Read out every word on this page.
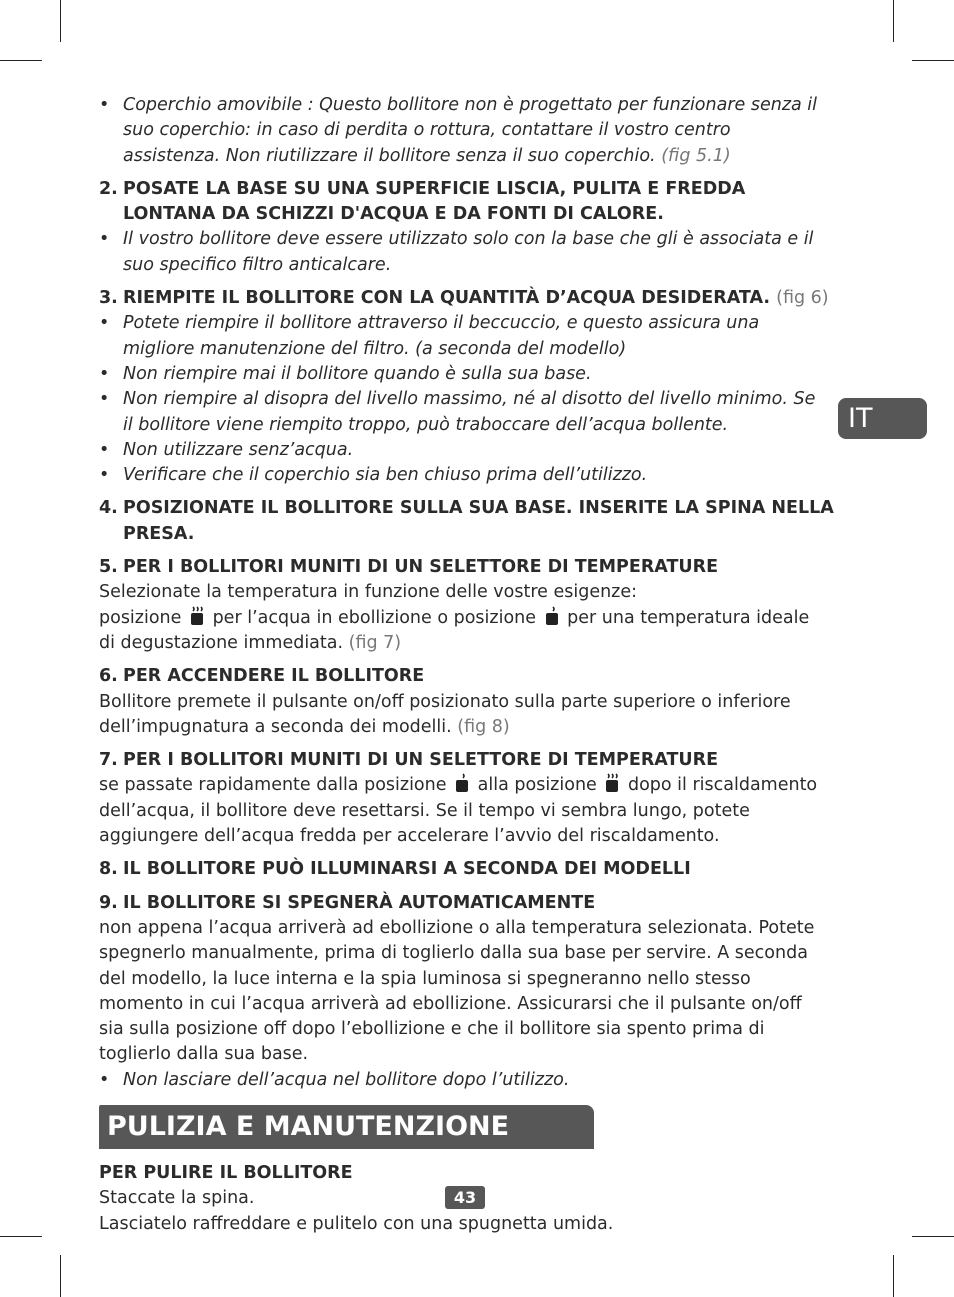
IT
• Coperchio amovibile : Questo bollitore non è progettato per funzionare senza il suo coperchio: in caso di perdita o rottura, contattare il vostro centro assistenza. Non riutilizzare il bollitore senza il suo coperchio. (fig 5.1)
2. POSATE LA BASE SU UNA SUPERFICIE LISCIA, PULITA E FREDDA LONTANA DA SCHIZZI D'ACQUA E DA FONTI DI CALORE.
• Il vostro bollitore deve essere utilizzato solo con la base che gli è associata e il suo specifico filtro anticalcare.
3. RIEMPITE IL BOLLITORE CON LA QUANTITÀ D’ACQUA DESIDERATA. (fig 6)
• Potete riempire il bollitore attraverso il beccuccio, e questo assicura una migliore manutenzione del filtro. (a seconda del modello)
• Non riempire mai il bollitore quando è sulla sua base.
• Non riempire al disopra del livello massimo, né al disotto del livello minimo. Se il bollitore viene riempito troppo, può traboccare dell’acqua bollente.
• Non utilizzare senz’acqua.
• Verificare che il coperchio sia ben chiuso prima dell’utilizzo.
4. POSIZIONATE IL BOLLITORE SULLA SUA BASE. INSERITE LA SPINA NELLA PRESA.
5. PER I BOLLITORI MUNITI DI UN SELETTORE DI TEMPERATURE
Selezionate la temperatura in funzione delle vostre esigenze:
posizione per l’acqua in ebollizione o posizione per una temperatura ideale di degustazione immediata. (fig 7)
6. PER ACCENDERE IL BOLLITORE
Bollitore premete il pulsante on/off posizionato sulla parte superiore o inferiore dell’impugnatura a seconda dei modelli. (fig 8)
7. PER I BOLLITORI MUNITI DI UN SELETTORE DI TEMPERATURE
se passate rapidamente dalla posizione alla posizione dopo il riscaldamento dell’acqua, il bollitore deve resettarsi. Se il tempo vi sembra lungo, potete aggiungere dell’acqua fredda per accelerare l’avvio del riscaldamento.
8. IL BOLLITORE PUÒ ILLUMINARSI A SECONDA DEI MODELLI
9. IL BOLLITORE SI SPEGNERÀ AUTOMATICAMENTE
non appena l’acqua arriverà ad ebollizione o alla temperatura selezionata. Potete spegnerlo manualmente, prima di toglierlo dalla sua base per servire. A seconda del modello, la luce interna e la spia luminosa si spegneranno nello stesso momento in cui l’acqua arriverà ad ebollizione. Assicurarsi che il pulsante on/off sia sulla posizione off dopo l’ebollizione e che il bollitore sia spento prima di toglierlo dalla sua base.
• Non lasciare dell’acqua nel bollitore dopo l’utilizzo.
PULIZIA E MANUTENZIONE
PER PULIRE IL BOLLITORE
Staccate la spina.
Lasciatelo raffreddare e pulitelo con una spugnetta umida.
43
